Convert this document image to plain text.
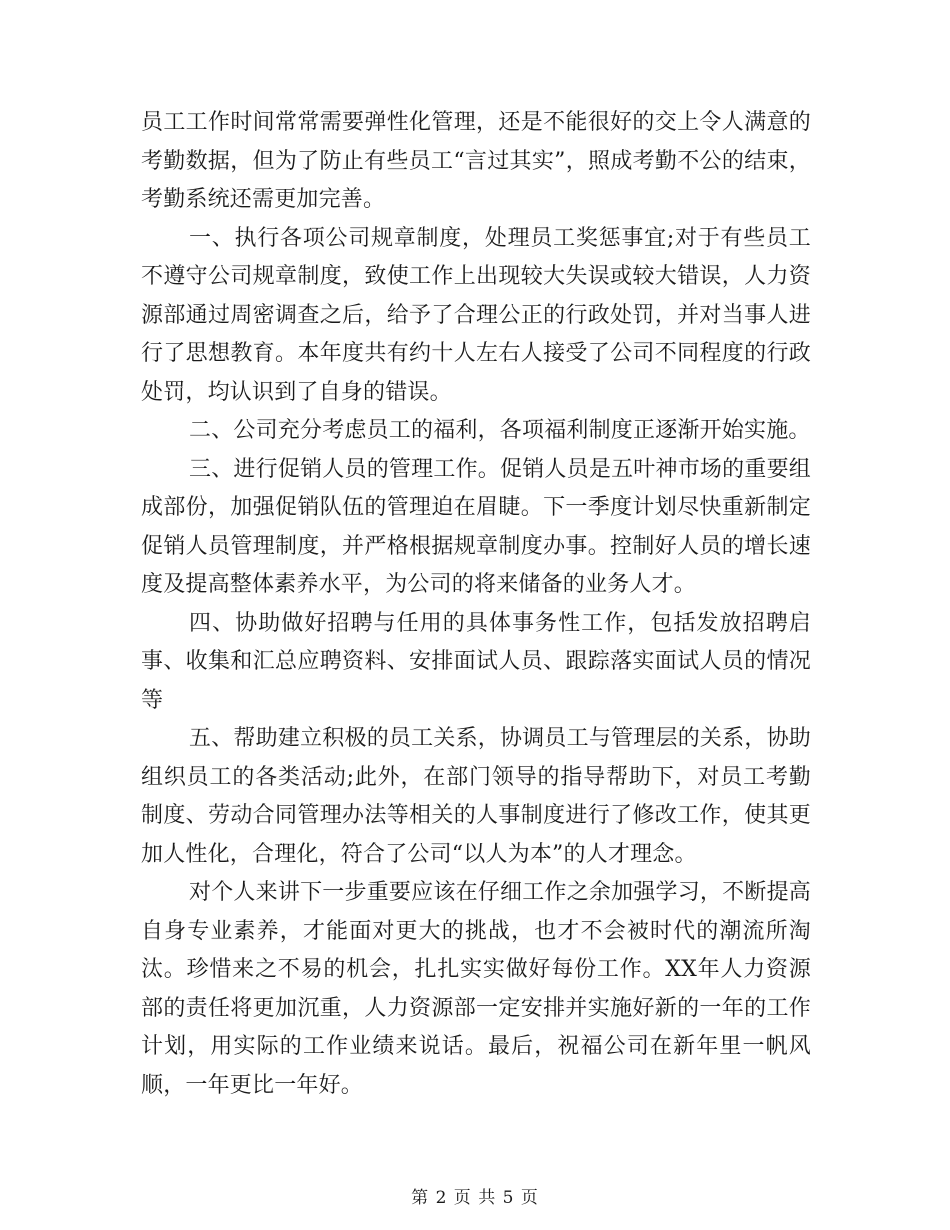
员工工作时间常常需要弹性化管理，还是不能很好的交上令人满意的考勤数据，但为了防止有些员工“言过其实”，照成考勤不公的结束，考勤系统还需更加完善。

一、执行各项公司规章制度，处理员工奖惩事宜;对于有些员工不遵守公司规章制度，致使工作上出现较大失误或较大错误，人力资源部通过周密调查之后，给予了合理公正的行政处罚，并对当事人进行了思想教育。本年度共有约十人左右人接受了公司不同程度的行政处罚，均认识到了自身的错误。

二、公司充分考虑员工的福利，各项福利制度正逐渐开始实施。

三、进行促销人员的管理工作。促销人员是五叶神市场的重要组成部份，加强促销队伍的管理迫在眉睫。下一季度计划尽快重新制定促销人员管理制度，并严格根据规章制度办事。控制好人员的增长速度及提高整体素养水平，为公司的将来储备的业务人才。

四、协助做好招聘与任用的具体事务性工作，包括发放招聘启事、收集和汇总应聘资料、安排面试人员、跟踪落实面试人员的情况等

五、帮助建立积极的员工关系，协调员工与管理层的关系，协助组织员工的各类活动;此外，在部门领导的指导帮助下，对员工考勤制度、劳动合同管理办法等相关的人事制度进行了修改工作，使其更加人性化，合理化，符合了公司“以人为本”的人才理念。

对个人来讲下一步重要应该在仔细工作之余加强学习，不断提高自身专业素养，才能面对更大的挑战，也才不会被时代的潮流所淘汰。珍惜来之不易的机会，扎扎实实做好每份工作。XX年人力资源部的责任将更加沉重，人力资源部一定安排并实施好新的一年的工作计划，用实际的工作业绩来说话。最后，祝福公司在新年里一帆风顺，一年更比一年好。

第 2 页 共 5 页
